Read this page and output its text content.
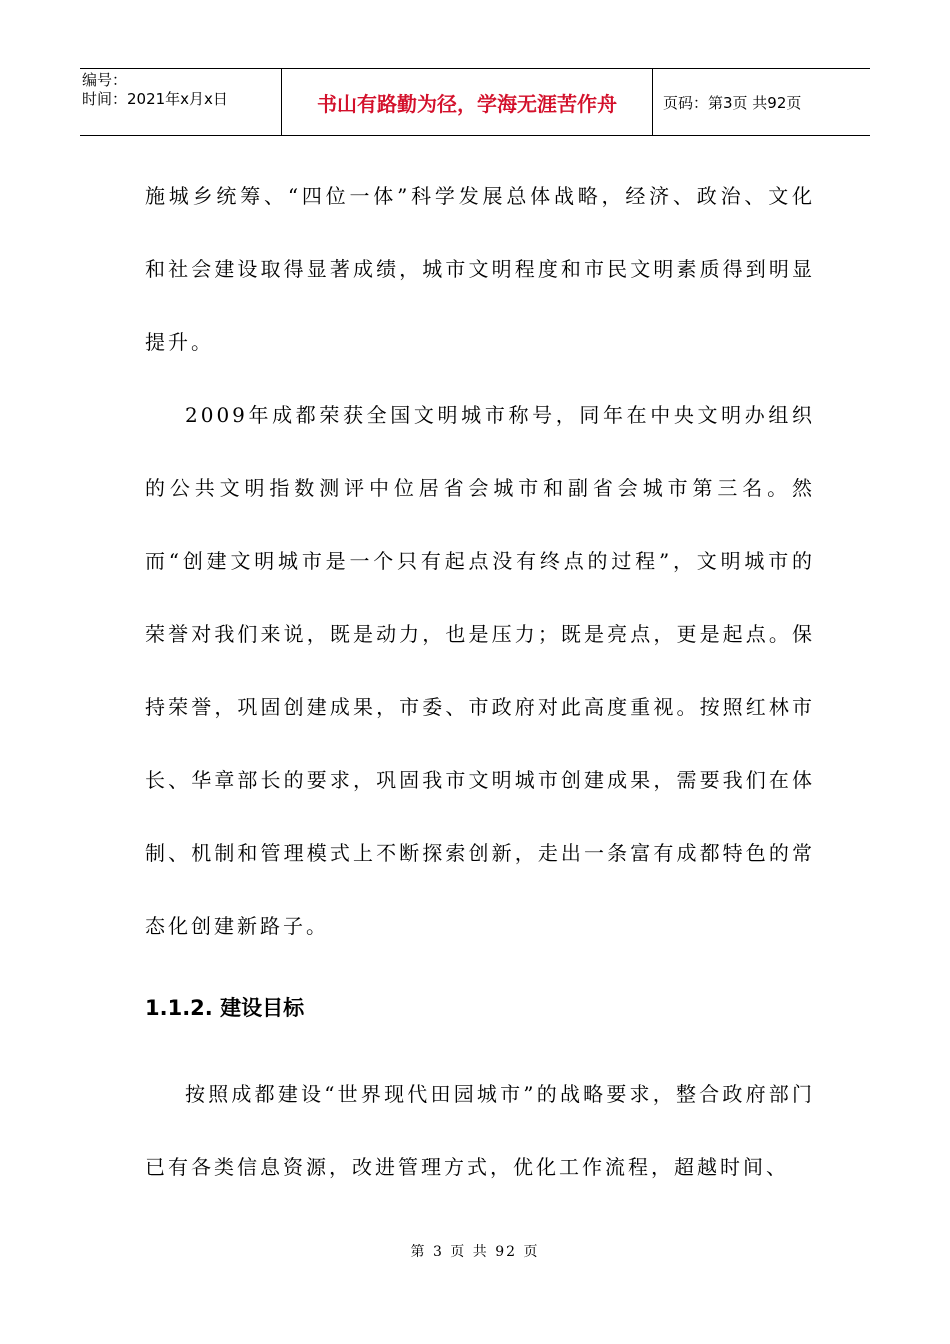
编号：
时间：2021年x月x日	书山有路勤为径，学海无涯苦作舟	页码：第3页 共92页

施城乡统筹、“四位一体”科学发展总体战略，经济、政治、文化和社会建设取得显著成绩，城市文明程度和市民文明素质得到明显提升。

2009年成都荣获全国文明城市称号，同年在中央文明办组织的公共文明指数测评中位居省会城市和副省会城市第三名。然而“创建文明城市是一个只有起点没有终点的过程”，文明城市的荣誉对我们来说，既是动力，也是压力；既是亮点，更是起点。保持荣誉，巩固创建成果，市委、市政府对此高度重视。按照红林市长、华章部长的要求，巩固我市文明城市创建成果，需要我们在体制、机制和管理模式上不断探索创新，走出一条富有成都特色的常态化创建新路子。

1.1.2. 建设目标

按照成都建设“世界现代田园城市”的战略要求，整合政府部门已有各类信息资源，改进管理方式，优化工作流程，超越时间、

第 3 页 共 92 页
